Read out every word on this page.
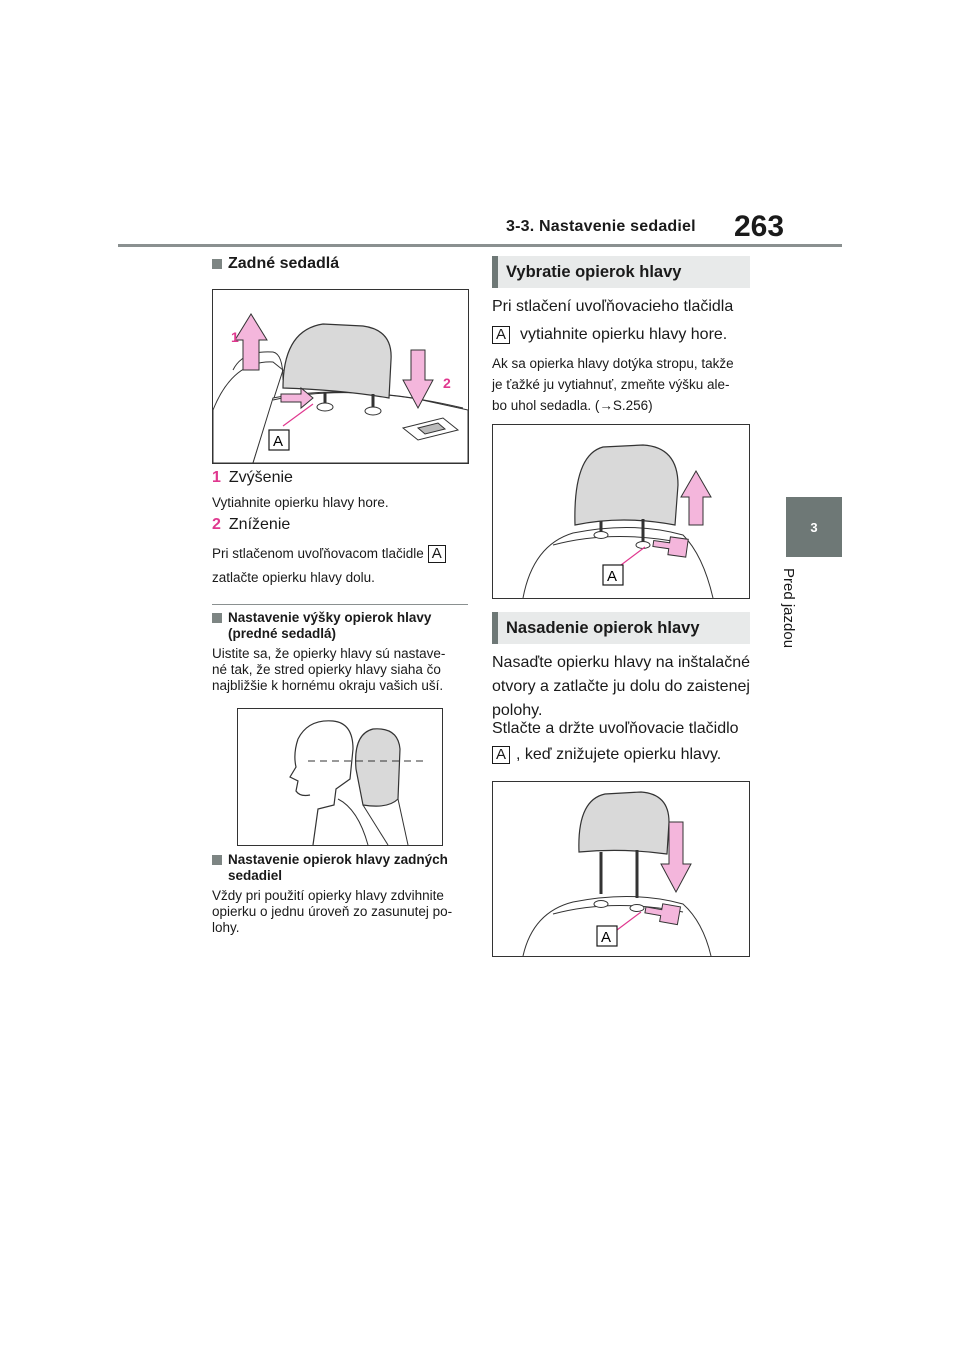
3-3. Nastavenie sedadiel 263
3
Pred jazdou
Zadné sedadlá
1
2
A
1 Zvýšenie
Vytiahnite opierku hlavy hore.
2 Zníženie
Pri stlačenom uvoľňovacom tlačidle A
zatlačte opierku hlavy dolu.
Nastavenie výšky opierok hlavy
(predné sedadlá)
Uistite sa, že opierky hlavy sú nastave-
né tak, že stred opierky hlavy siaha čo
najbližšie k hornému okraju vašich uší.
Nastavenie opierok hlavy zadných
sedadiel
Vždy pri použití opierky hlavy zdvihnite
opierku o jednu úroveň zo zasunutej po-
lohy.
Vybratie opierok hlavy
Pri stlačení uvoľňovacieho tlačidla
A vytiahnite opierku hlavy hore.
Ak sa opierka hlavy dotýka stropu, takže
je ťažké ju vytiahnuť, zmeňte výšku ale-
bo uhol sedadla. (→S.256)
A
Nasadenie opierok hlavy
Nasaďte opierku hlavy na inštalačné
otvory a zatlačte ju dolu do zaistenej
polohy.
Stlačte a držte uvoľňovacie tlačidlo
A , keď znižujete opierku hlavy.
A
